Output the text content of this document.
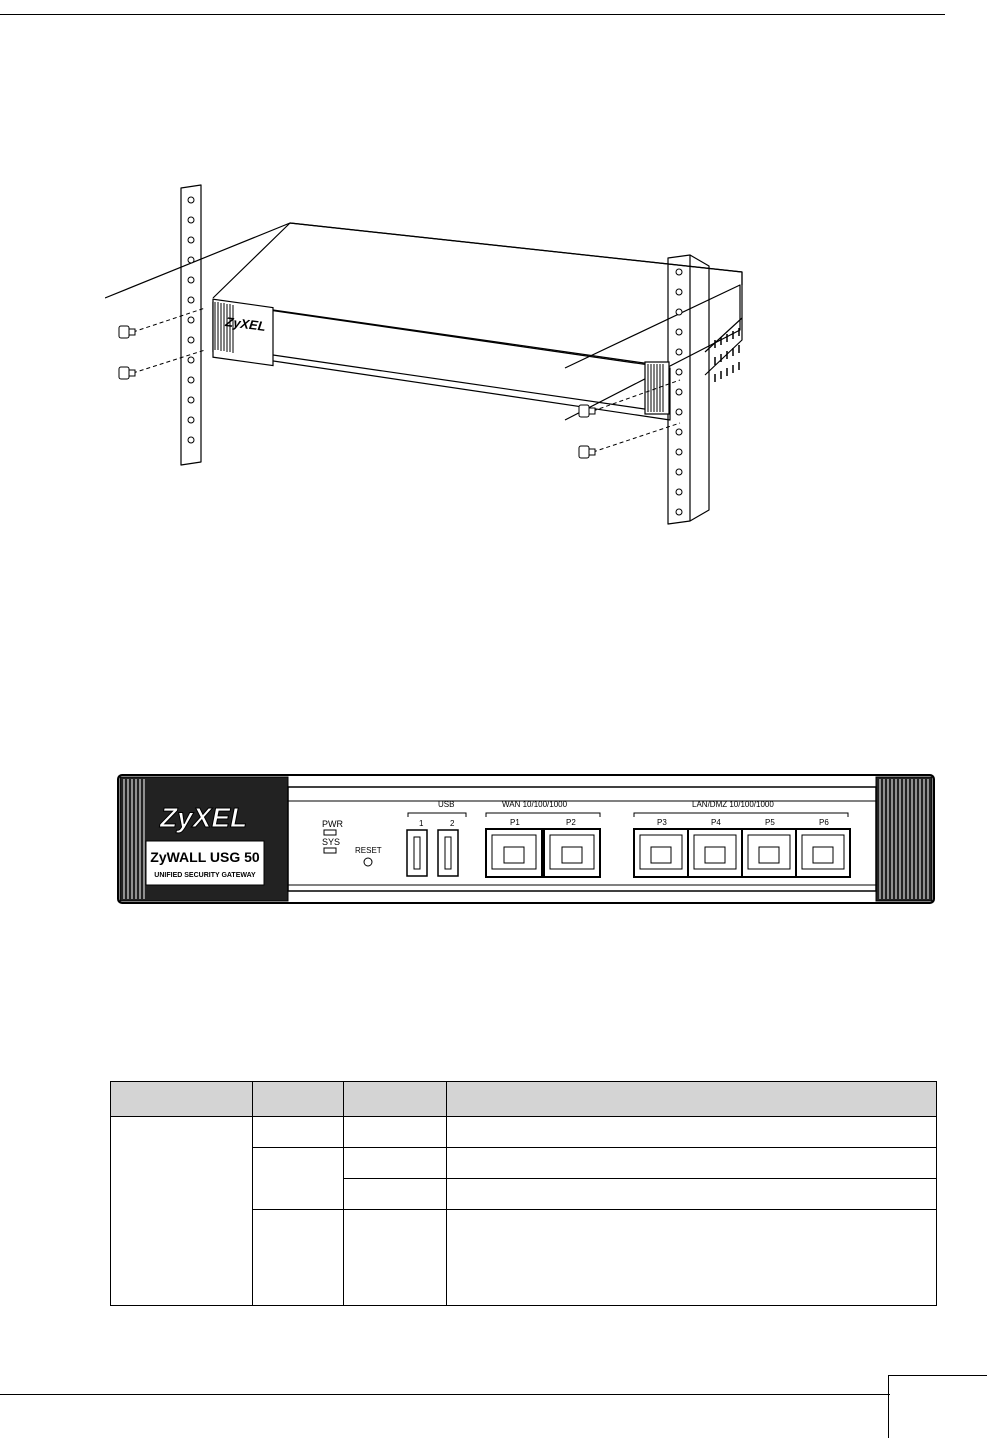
ZyXEL
ZyXEL
ZyWALL USG 50
UNIFIED SECURITY GATEWAY
PWR
SYS
RESET
USB
1	2
WAN 10/100/1000
P1	P2
LAN/DMZ 10/100/1000
P3	P4	P5	P6
